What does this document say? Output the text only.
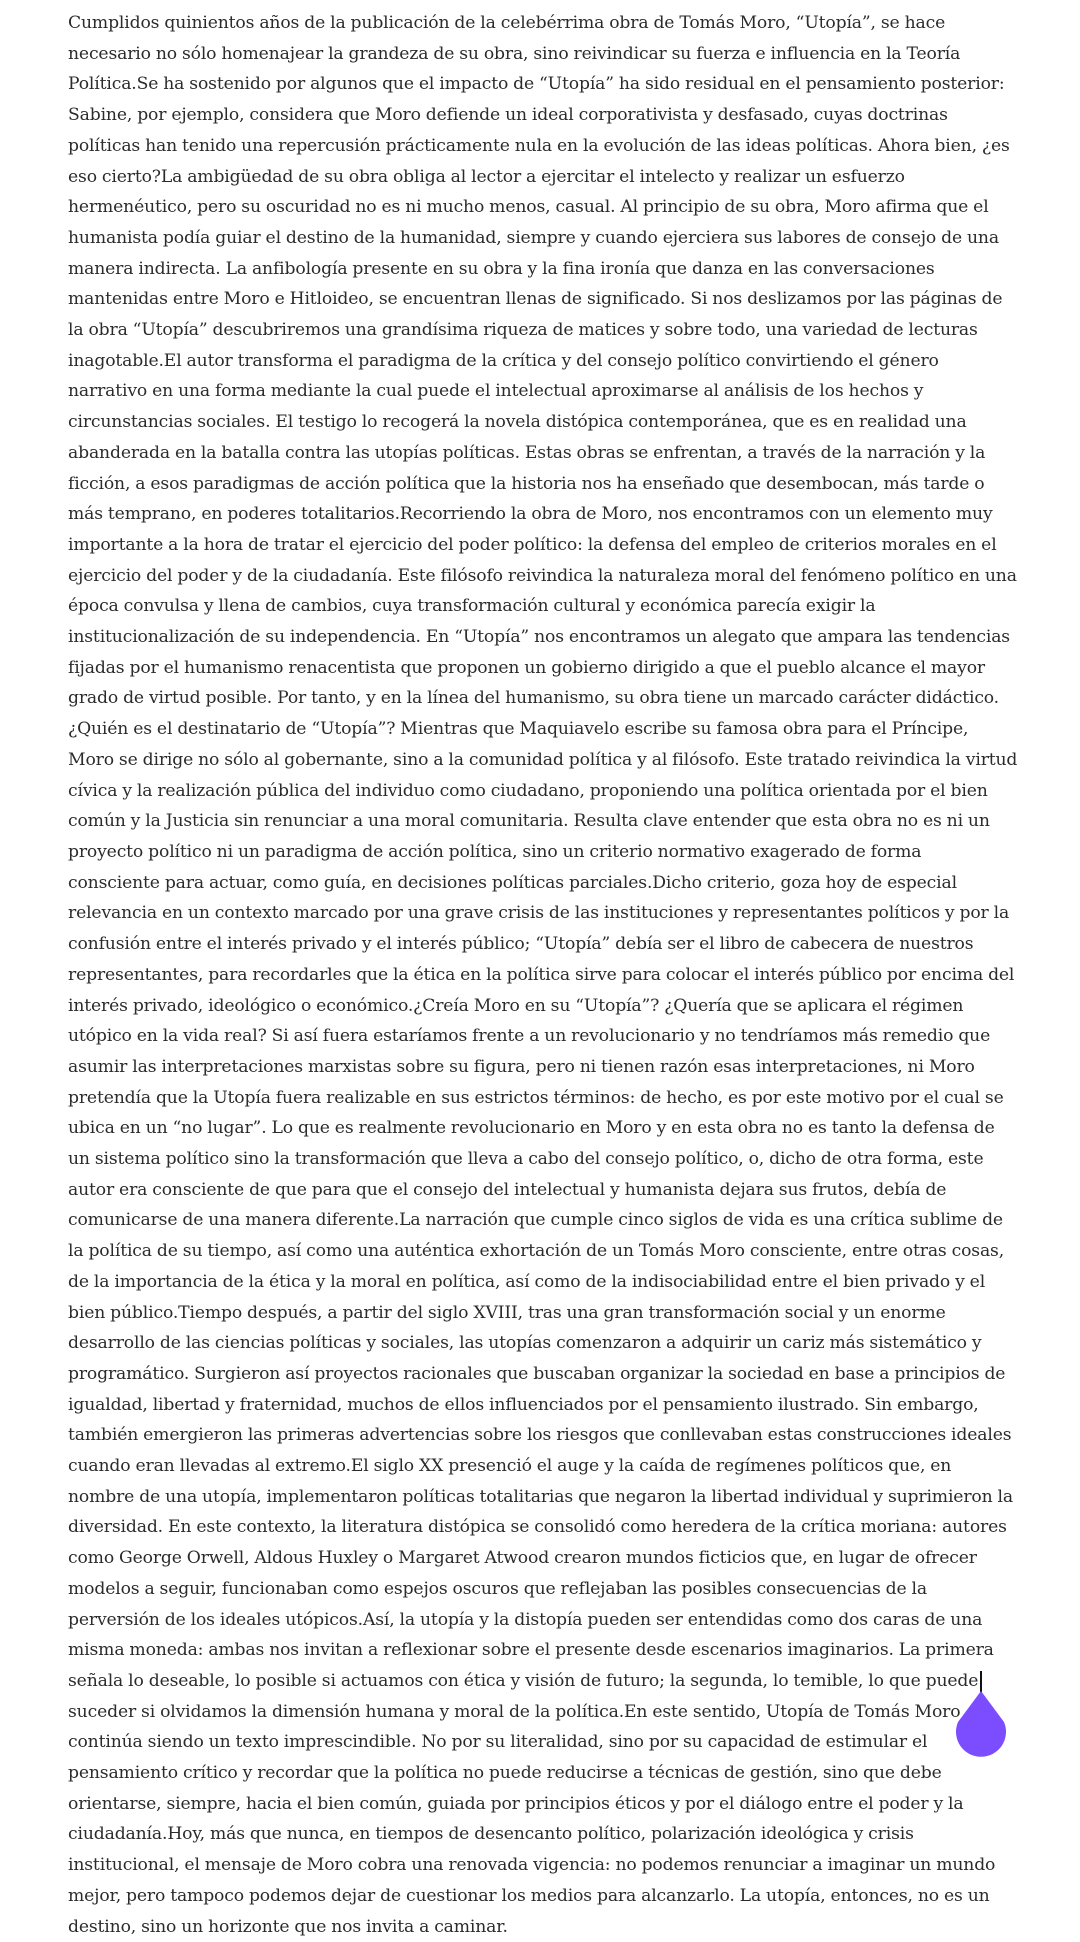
Cumplidos quinientos años de la publicación de la celebérrima obra de Tomás Moro, “Utopía”, se hace necesario no sólo homenajear la grandeza de su obra, sino reivindicar su fuerza e influencia en la Teoría Política.Se ha sostenido por algunos que el impacto de “Utopía” ha sido residual en el pensamiento posterior: Sabine, por ejemplo, considera que Moro defiende un ideal corporativista y desfasado, cuyas doctrinas políticas han tenido una repercusión prácticamente nula en la evolución de las ideas políticas. Ahora bien, ¿es eso cierto?La ambigüedad de su obra obliga al lector a ejercitar el intelecto y realizar un esfuerzo hermenéutico, pero su oscuridad no es ni mucho menos, casual. Al principio de su obra, Moro afirma que el humanista podía guiar el destino de la humanidad, siempre y cuando ejerciera sus labores de consejo de una manera indirecta. La anfibología presente en su obra y la fina ironía que danza en las conversaciones mantenidas entre Moro e Hitloideo, se encuentran llenas de significado. Si nos deslizamos por las páginas de la obra “Utopía” descubriremos una grandísima riqueza de matices y sobre todo, una variedad de lecturas inagotable.El autor transforma el paradigma de la crítica y del consejo político convirtiendo el género narrativo en una forma mediante la cual puede el intelectual aproximarse al análisis de los hechos y circunstancias sociales. El testigo lo recogerá la novela distópica contemporánea, que es en realidad una abanderada en la batalla contra las utopías políticas. Estas obras se enfrentan, a través de la narración y la ficción, a esos paradigmas de acción política que la historia nos ha enseñado que desembocan, más tarde o más temprano, en poderes totalitarios.Recorriendo la obra de Moro, nos encontramos con un elemento muy importante a la hora de tratar el ejercicio del poder político: la defensa del empleo de criterios morales en el ejercicio del poder y de la ciudadanía. Este filósofo reivindica la naturaleza moral del fenómeno político en una época convulsa y llena de cambios, cuya transformación cultural y económica parecía exigir la institucionalización de su independencia. En “Utopía” nos encontramos un alegato que ampara las tendencias fijadas por el humanismo renacentista que proponen un gobierno dirigido a que el pueblo alcance el mayor grado de virtud posible. Por tanto, y en la línea del humanismo, su obra tiene un marcado carácter didáctico.¿Quién es el destinatario de “Utopía”? Mientras que Maquiavelo escribe su famosa obra para el Príncipe, Moro se dirige no sólo al gobernante, sino a la comunidad política y al filósofo. Este tratado reivindica la virtud cívica y la realización pública del individuo como ciudadano, proponiendo una política orientada por el bien común y la Justicia sin renunciar a una moral comunitaria. Resulta clave entender que esta obra no es ni un proyecto político ni un paradigma de acción política, sino un criterio normativo exagerado de forma consciente para actuar, como guía, en decisiones políticas parciales.Dicho criterio, goza hoy de especial relevancia en un contexto marcado por una grave crisis de las instituciones y representantes políticos y por la confusión entre el interés privado y el interés público; “Utopía” debía ser el libro de cabecera de nuestros representantes, para recordarles que la ética en la política sirve para colocar el interés público por encima del interés privado, ideológico o económico.¿Creía Moro en su “Utopía”? ¿Quería que se aplicara el régimen utópico en la vida real? Si así fuera estaríamos frente a un revolucionario y no tendríamos más remedio que asumir las interpretaciones marxistas sobre su figura, pero ni tienen razón esas interpretaciones, ni Moro pretendía que la Utopía fuera realizable en sus estrictos términos: de hecho, es por este motivo por el cual se ubica en un “no lugar”. Lo que es realmente revolucionario en Moro y en esta obra no es tanto la defensa de un sistema político sino la transformación que lleva a cabo del consejo político, o, dicho de otra forma, este autor era consciente de que para que el consejo del intelectual y humanista dejara sus frutos, debía de comunicarse de una manera diferente.La narración que cumple cinco siglos de vida es una crítica sublime de la política de su tiempo, así como una auténtica exhortación de un Tomás Moro consciente, entre otras cosas, de la importancia de la ética y la moral en política, así como de la indisociabilidad entre el bien privado y el bien público.Tiempo después, a partir del siglo XVIII, tras una gran transformación social y un enorme desarrollo de las ciencias políticas y sociales, las utopías comenzaron a adquirir un cariz más sistemático y programático. Surgieron así proyectos racionales que buscaban organizar la sociedad en base a principios de igualdad, libertad y fraternidad, muchos de ellos influenciados por el pensamiento ilustrado. Sin embargo, también emergieron las primeras advertencias sobre los riesgos que conllevaban estas construcciones ideales cuando eran llevadas al extremo.El siglo XX presenció el auge y la caída de regímenes políticos que, en nombre de una utopía, implementaron políticas totalitarias que negaron la libertad individual y suprimieron la diversidad. En este contexto, la literatura distópica se consolidó como heredera de la crítica moriana: autores como George Orwell, Aldous Huxley o Margaret Atwood crearon mundos ficticios que, en lugar de ofrecer modelos a seguir, funcionaban como espejos oscuros que reflejaban las posibles consecuencias de la perversión de los ideales utópicos.Así, la utopía y la distopía pueden ser entendidas como dos caras de una misma moneda: ambas nos invitan a reflexionar sobre el presente desde escenarios imaginarios. La primera señala lo deseable, lo posible si actuamos con ética y visión de futuro; la segunda, lo temible, lo que puede suceder si olvidamos la dimensión humana y moral de la política.En este sentido, Utopía de Tomás Moro continúa siendo un texto imprescindible. No por su literalidad, sino por su capacidad de estimular el pensamiento crítico y recordar que la política no puede reducirse a técnicas de gestión, sino que debe orientarse, siempre, hacia el bien común, guiada por principios éticos y por el diálogo entre el poder y la ciudadanía.Hoy, más que nunca, en tiempos de desencanto político, polarización ideológica y crisis institucional, el mensaje de Moro cobra una renovada vigencia: no podemos renunciar a imaginar un mundo mejor, pero tampoco podemos dejar de cuestionar los medios para alcanzarlo. La utopía, entonces, no es un destino, sino un horizonte que nos invita a caminar.
